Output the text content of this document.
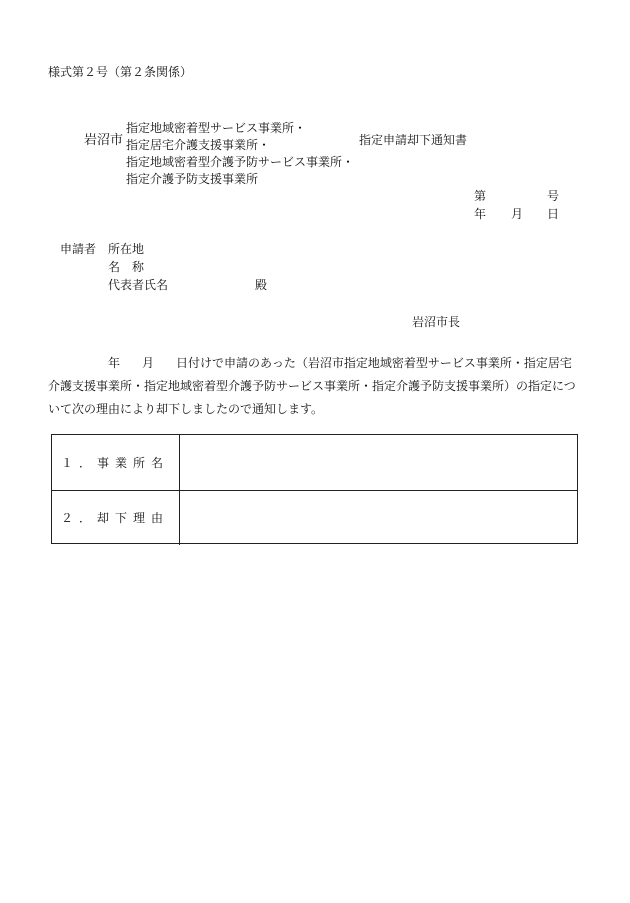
様式第２号（第２条関係）
岩沼市
指定地域密着型サービス事業所・
指定居宅介護支援事業所・
指定地域密着型介護予防サービス事業所・
指定介護予防支援事業所
指定申請却下通知書
第	号
年 月 日
申請者 所在地
名　称
代表者氏名	殿
岩沼市長
年 月 日付けで申請のあった（岩沼市指定地域密着型サービス事業所・指定居宅
介護支援事業所・指定地域密着型介護予防サービス事業所・指定介護予防支援事業所）の指定につ
いて次の理由により却下しましたので通知します。
１．事業所名
２．却下理由
